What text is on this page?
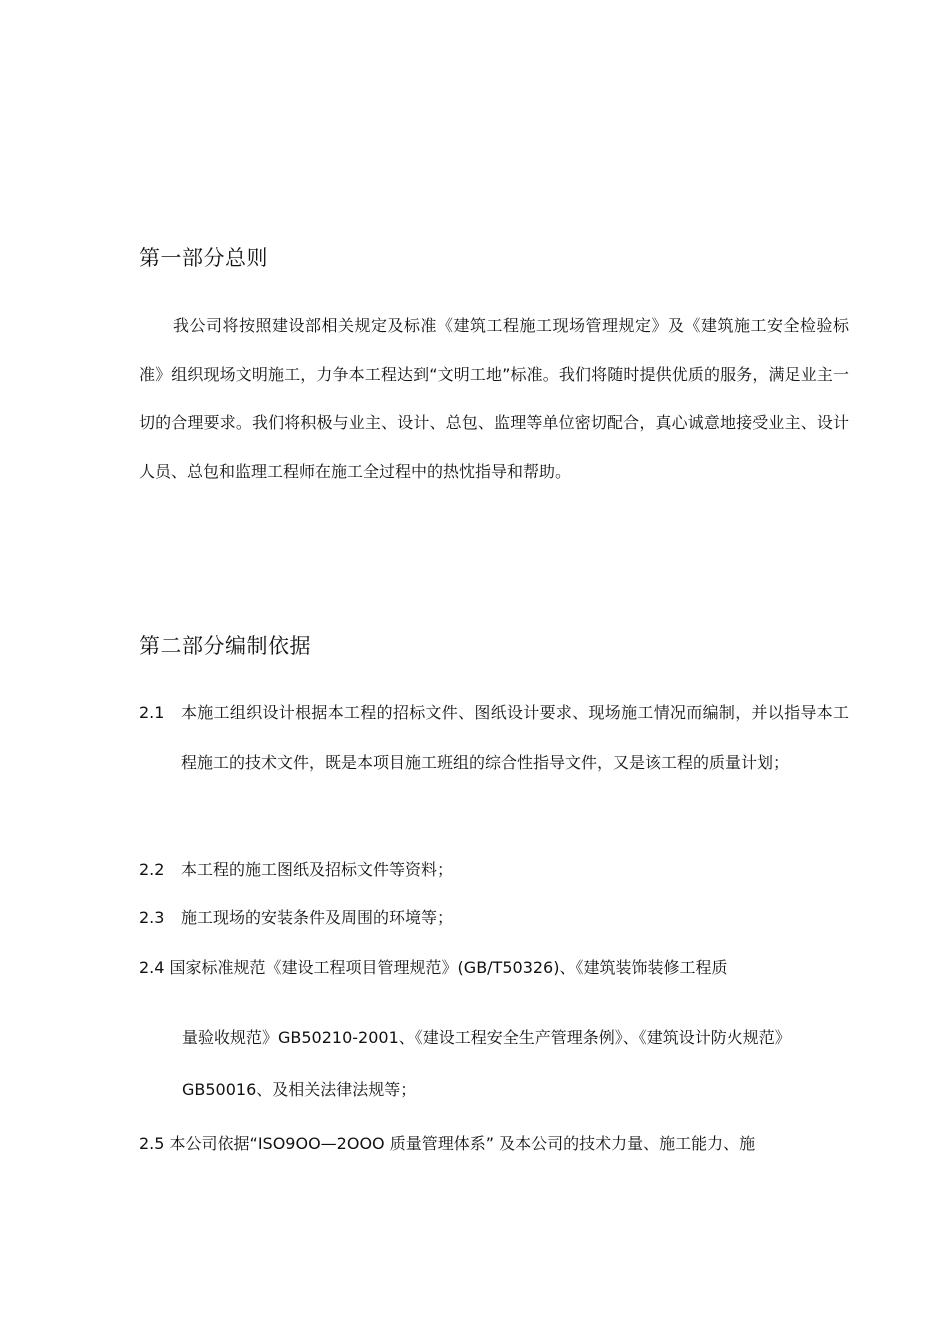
第一部分总则
我公司将按照建设部相关规定及标准《建筑工程施工现场管理规定》及《建筑施工安全检验标准》组织现场文明施工，力争本工程达到“文明工地”标准。我们将随时提供优质的服务，满足业主一切的合理要求。我们将积极与业主、设计、总包、监理等单位密切配合，真心诚意地接受业主、设计人员、总包和监理工程师在施工全过程中的热忱指导和帮助。
第二部分编制依据
2.1	本施工组织设计根据本工程的招标文件、图纸设计要求、现场施工情况而编制，并以指导本工程施工的技术文件，既是本项目施工班组的综合性指导文件，又是该工程的质量计划；
2.2	本工程的施工图纸及招标文件等资料；
2.3	施工现场的安装条件及周围的环境等；
2.4 国家标准规范《建设工程项目管理规范》(GB/T50326)、《建筑装饰装修工程质
量验收规范》GB50210-2001、《建设工程安全生产管理条例》、《建筑设计防火规范》GB50016、及相关法律法规等；
2.5 本公司依据“ISO9OO—2OOO 质量管理体系” 及本公司的技术力量、施工能力、施
